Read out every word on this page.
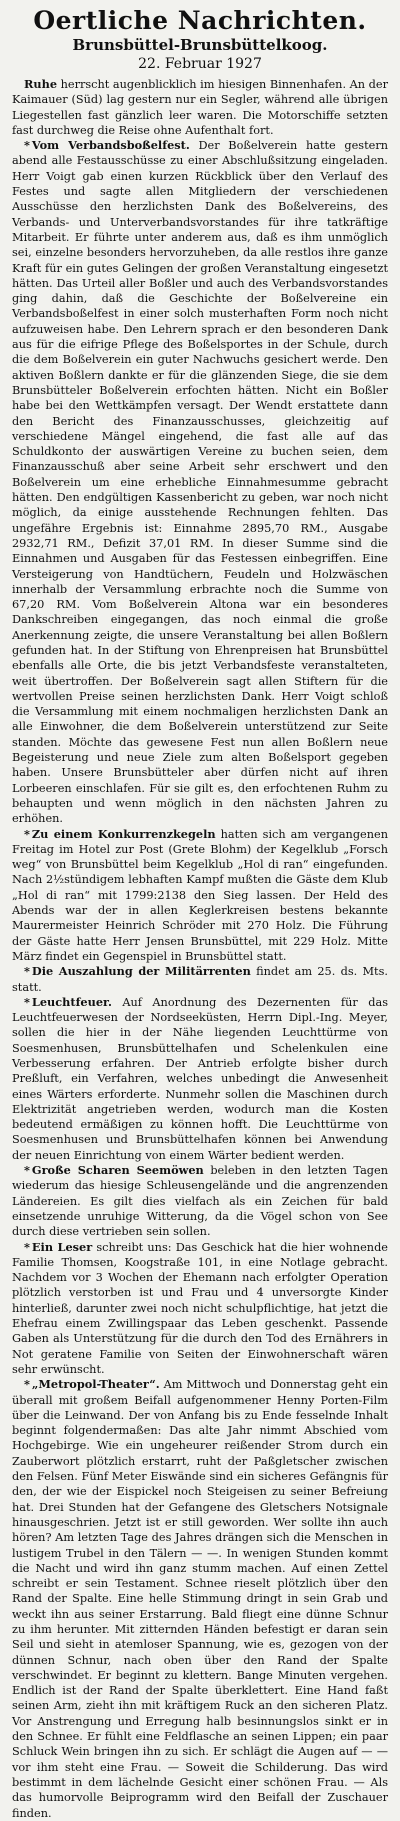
Oertliche Nachrichten.
Brunsbüttel-Brunsbüttelkoog.
22. Februar 1927

Ruhe herrscht augenblicklich im hiesigen Binnenhafen. An der Kaimauer (Süd) lag gestern nur ein Segler, während alle übrigen Liegestellen fast gänzlich leer waren. Die Motorschiffe setzten fast durchweg die Reise ohne Aufenthalt fort.

* Vom Verbandsboßelfest. Der Boßelverein hatte gestern abend alle Festausschüsse zu einer Abschlußsitzung eingeladen. Herr Voigt gab einen kurzen Rückblick über den Verlauf des Festes und sagte allen Mitgliedern der verschiedenen Ausschüsse den herzlichsten Dank des Boßelvereins, des Verbands- und Unterverbandsvorstandes für ihre tatkräftige Mitarbeit. Er führte unter anderem aus, daß es ihm unmöglich sei, einzelne besonders hervorzuheben, da alle restlos ihre ganze Kraft für ein gutes Gelingen der großen Veranstaltung eingesetzt hätten. Das Urteil aller Boßler und auch des Verbandsvorstandes ging dahin, daß die Geschichte der Boßelvereine ein Verbandsboßelfest in einer solch musterhaften Form noch nicht aufzuweisen habe. Den Lehrern sprach er den besonderen Dank aus für die eifrige Pflege des Boßelsportes in der Schule, durch die dem Boßelverein ein guter Nachwuchs gesichert werde. Den aktiven Boßlern dankte er für die glänzenden Siege, die sie dem Brunsbütteler Boßelverein erfochten hätten. Nicht ein Boßler habe bei den Wettkämpfen versagt. Der Wendt erstattete dann den Bericht des Finanzausschusses, gleichzeitig auf verschiedene Mängel eingehend, die fast alle auf das Schuldkonto der auswärtigen Vereine zu buchen seien, dem Finanzausschuß aber seine Arbeit sehr erschwert und den Boßelverein um eine erhebliche Einnahmesumme gebracht hätten. Den endgültigen Kassenbericht zu geben, war noch nicht möglich, da einige ausstehende Rechnungen fehlten. Das ungefähre Ergebnis ist: Einnahme 2895,70 RM., Ausgabe 2932,71 RM., Defizit 37,01 RM. In dieser Summe sind die Einnahmen und Ausgaben für das Festessen einbegriffen. Eine Versteigerung von Handtüchern, Feudeln und Holzwäschen innerhalb der Versammlung erbrachte noch die Summe von 67,20 RM. Vom Boßelverein Altona war ein besonderes Dankschreiben eingegangen, das noch einmal die große Anerkennung zeigte, die unsere Veranstaltung bei allen Boßlern gefunden hat. In der Stiftung von Ehrenpreisen hat Brunsbüttel ebenfalls alle Orte, die bis jetzt Verbandsfeste veranstalteten, weit übertroffen. Der Boßelverein sagt allen Stiftern für die wertvollen Preise seinen herzlichsten Dank. Herr Voigt schloß die Versammlung mit einem nochmaligen herzlichsten Dank an alle Einwohner, die dem Boßelverein unterstützend zur Seite standen. Möchte das gewesene Fest nun allen Boßlern neue Begeisterung und neue Ziele zum alten Boßelsport gegeben haben. Unsere Brunsbütteler aber dürfen nicht auf ihren Lorbeeren einschlafen. Für sie gilt es, den erfochtenen Ruhm zu behaupten und wenn möglich in den nächsten Jahren zu erhöhen.

* Zu einem Konkurrenzkegeln hatten sich am vergangenen Freitag im Hotel zur Post (Grete Blohm) der Kegelklub „Forsch weg“ von Brunsbüttel beim Kegelklub „Hol di ran“ eingefunden. Nach 2½stündigem lebhaften Kampf mußten die Gäste dem Klub „Hol di ran“ mit 1799:2138 den Sieg lassen. Der Held des Abends war der in allen Keglerkreisen bestens bekannte Maurermeister Heinrich Schröder mit 270 Holz. Die Führung der Gäste hatte Herr Jensen Brunsbüttel, mit 229 Holz. Mitte März findet ein Gegenspiel in Brunsbüttel statt.

* Die Auszahlung der Militärrenten findet am 25. ds. Mts. statt.

* Leuchtfeuer. Auf Anordnung des Dezernenten für das Leuchtfeuerwesen der Nordseeküsten, Herrn Dipl.-Ing. Meyer, sollen die hier in der Nähe liegenden Leuchttürme von Soesmenhusen, Brunsbüttelhafen und Schelenkulen eine Verbesserung erfahren. Der Antrieb erfolgte bisher durch Preßluft, ein Verfahren, welches unbedingt die Anwesenheit eines Wärters erforderte. Nunmehr sollen die Maschinen durch Elektrizität angetrieben werden, wodurch man die Kosten bedeutend ermäßigen zu können hofft. Die Leuchttürme von Soesmenhusen und Brunsbüttelhafen können bei Anwendung der neuen Einrichtung von einem Wärter bedient werden.

* Große Scharen Seemöwen beleben in den letzten Tagen wiederum das hiesige Schleusengelände und die angrenzenden Ländereien. Es gilt dies vielfach als ein Zeichen für bald einsetzende unruhige Witterung, da die Vögel schon von See durch diese vertrieben sein sollen.

* Ein Leser schreibt uns: Das Geschick hat die hier wohnende Familie Thomsen, Koogstraße 101, in eine Notlage gebracht. Nachdem vor 3 Wochen der Ehemann nach erfolgter Operation plötzlich verstorben ist und Frau und 4 unversorgte Kinder hinterließ, darunter zwei noch nicht schulpflichtige, hat jetzt die Ehefrau einem Zwillingspaar das Leben geschenkt. Passende Gaben als Unterstützung für die durch den Tod des Ernährers in Not geratene Familie von Seiten der Einwohnerschaft wären sehr erwünscht.

* „Metropol-Theater“. Am Mittwoch und Donnerstag geht ein überall mit großem Beifall aufgenommener Henny Porten-Film über die Leinwand. Der von Anfang bis zu Ende fesselnde Inhalt beginnt folgendermaßen: Das alte Jahr nimmt Abschied vom Hochgebirge. Wie ein ungeheurer reißender Strom durch ein Zauberwort plötzlich erstarrt, ruht der Paßgletscher zwischen den Felsen. Fünf Meter Eiswände sind ein sicheres Gefängnis für den, der wie der Eispickel noch Steigeisen zu seiner Befreiung hat. Drei Stunden hat der Gefangene des Gletschers Notsignale hinausgeschrien. Jetzt ist er still geworden. Wer sollte ihn auch hören? Am letzten Tage des Jahres drängen sich die Menschen in lustigem Trubel in den Tälern — —. In wenigen Stunden kommt die Nacht und wird ihn ganz stumm machen. Auf einen Zettel schreibt er sein Testament. Schnee rieselt plötzlich über den Rand der Spalte. Eine helle Stimmung dringt in sein Grab und weckt ihn aus seiner Erstarrung. Bald fliegt eine dünne Schnur zu ihm herunter. Mit zitternden Händen befestigt er daran sein Seil und sieht in atemloser Spannung, wie es, gezogen von der dünnen Schnur, nach oben über den Rand der Spalte verschwindet. Er beginnt zu klettern. Bange Minuten vergehen. Endlich ist der Rand der Spalte überklettert. Eine Hand faßt seinen Arm, zieht ihn mit kräftigem Ruck an den sicheren Platz. Vor Anstrengung und Erregung halb besinnungslos sinkt er in den Schnee. Er fühlt eine Feldflasche an seinen Lippen; ein paar Schluck Wein bringen ihn zu sich. Er schlägt die Augen auf — — vor ihm steht eine Frau. — Soweit die Schilderung. Das wird bestimmt in dem lächelnde Gesicht einer schönen Frau. — Als das humorvolle Beiprogramm wird den Beifall der Zuschauer finden.
